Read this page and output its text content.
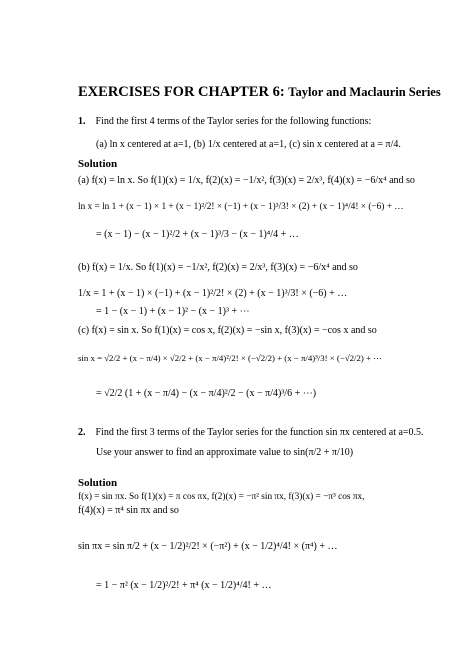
EXERCISES FOR CHAPTER 6: Taylor and Maclaurin Series
1. Find the first 4 terms of the Taylor series for the following functions:
(a) ln x centered at a=1, (b) 1/x centered at a=1, (c) sin x centered at a = π/4.
Solution
(a) f(x) = ln x. So f(1)(x) = 1/x, f(2)(x) = −1/x², f(3)(x) = 2/x³, f(4)(x) = −6/x⁴ and so
ln x = ln 1 + (x − 1) × 1 + (x − 1)²/2! × (−1) + (x − 1)³/3! × (2) + (x − 1)⁴/4! × (−6) + …
= (x − 1) − (x − 1)²/2 + (x − 1)³/3 − (x − 1)⁴/4 + …
(b) f(x) = 1/x. So f(1)(x) = −1/x², f(2)(x) = 2/x³, f(3)(x) = −6/x⁴ and so
1/x = 1 + (x − 1) × (−1) + (x − 1)²/2! × (2) + (x − 1)³/3! × (−6) + …
= 1 − (x − 1) + (x − 1)² − (x − 1)³ + ⋯
(c) f(x) = sin x. So f(1)(x) = cos x, f(2)(x) = −sin x, f(3)(x) = −cos x and so
sin x = √2/2 + (x − π/4) × √2/2 + (x − π/4)²/2! × (−√2/2) + (x − π/4)³/3! × (−√2/2) + ⋯
= √2/2 (1 + (x − π/4) − (x − π/4)²/2 − (x − π/4)³/6 + ⋯)
2. Find the first 3 terms of the Taylor series for the function sin πx centered at a=0.5.
Use your answer to find an approximate value to sin(π/2 + π/10)
Solution
f(x) = sin πx. So f(1)(x) = π cos πx, f(2)(x) = −π² sin πx, f(3)(x) = −π³ cos πx,
f(4)(x) = π⁴ sin πx and so
sin πx = sin π/2 + (x − 1/2)²/2! × (−π²) + (x − 1/2)⁴/4! × (π⁴) + …
= 1 − π² (x − 1/2)²/2! + π⁴ (x − 1/2)⁴/4! + …
